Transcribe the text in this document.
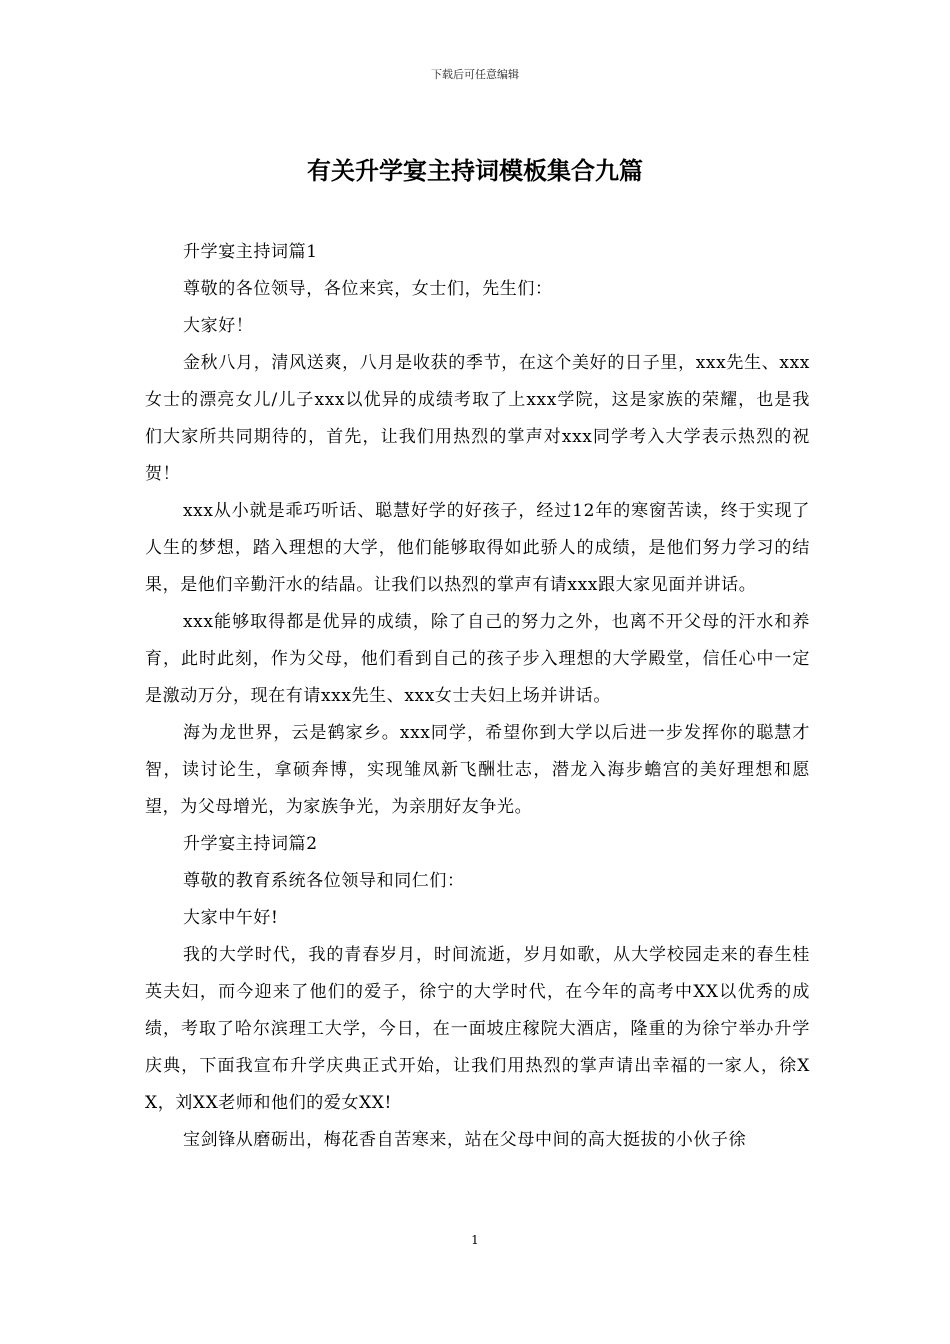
下载后可任意编辑
有关升学宴主持词模板集合九篇

升学宴主持词篇1

尊敬的各位领导，各位来宾，女士们，先生们：

大家好！

金秋八月，清风送爽，八月是收获的季节，在这个美好的日子里，xxx先生、xxx女士的漂亮女儿/儿子xxx以优异的成绩考取了上xxx学院，这是家族的荣耀，也是我们大家所共同期待的，首先，让我们用热烈的掌声对xxx同学考入大学表示热烈的祝贺！

xxx从小就是乖巧听话、聪慧好学的好孩子，经过12年的寒窗苦读，终于实现了人生的梦想，踏入理想的大学，他们能够取得如此骄人的成绩，是他们努力学习的结果，是他们辛勤汗水的结晶。让我们以热烈的掌声有请xxx跟大家见面并讲话。

xxx能够取得都是优异的成绩，除了自己的努力之外，也离不开父母的汗水和养育，此时此刻，作为父母，他们看到自己的孩子步入理想的大学殿堂，信任心中一定是激动万分，现在有请xxx先生、xxx女士夫妇上场并讲话。

海为龙世界，云是鹤家乡。xxx同学，希望你到大学以后进一步发挥你的聪慧才智，读讨论生，拿硕奔博，实现雏凤新飞酬壮志，潜龙入海步蟾宫的美好理想和愿望，为父母增光，为家族争光，为亲朋好友争光。

升学宴主持词篇2

尊敬的教育系统各位领导和同仁们：

大家中午好!

我的大学时代，我的青春岁月，时间流逝，岁月如歌，从大学校园走来的春生桂英夫妇，而今迎来了他们的爱子，徐宁的大学时代，在今年的高考中XX以优秀的成绩，考取了哈尔滨理工大学，今日，在一面坡庄稼院大酒店，隆重的为徐宁举办升学庆典，下面我宣布升学庆典正式开始，让我们用热烈的掌声请出幸福的一家人，徐XX，刘XX老师和他们的爱女XX!

宝剑锋从磨砺出，梅花香自苦寒来，站在父母中间的高大挺拔的小伙子徐

1
